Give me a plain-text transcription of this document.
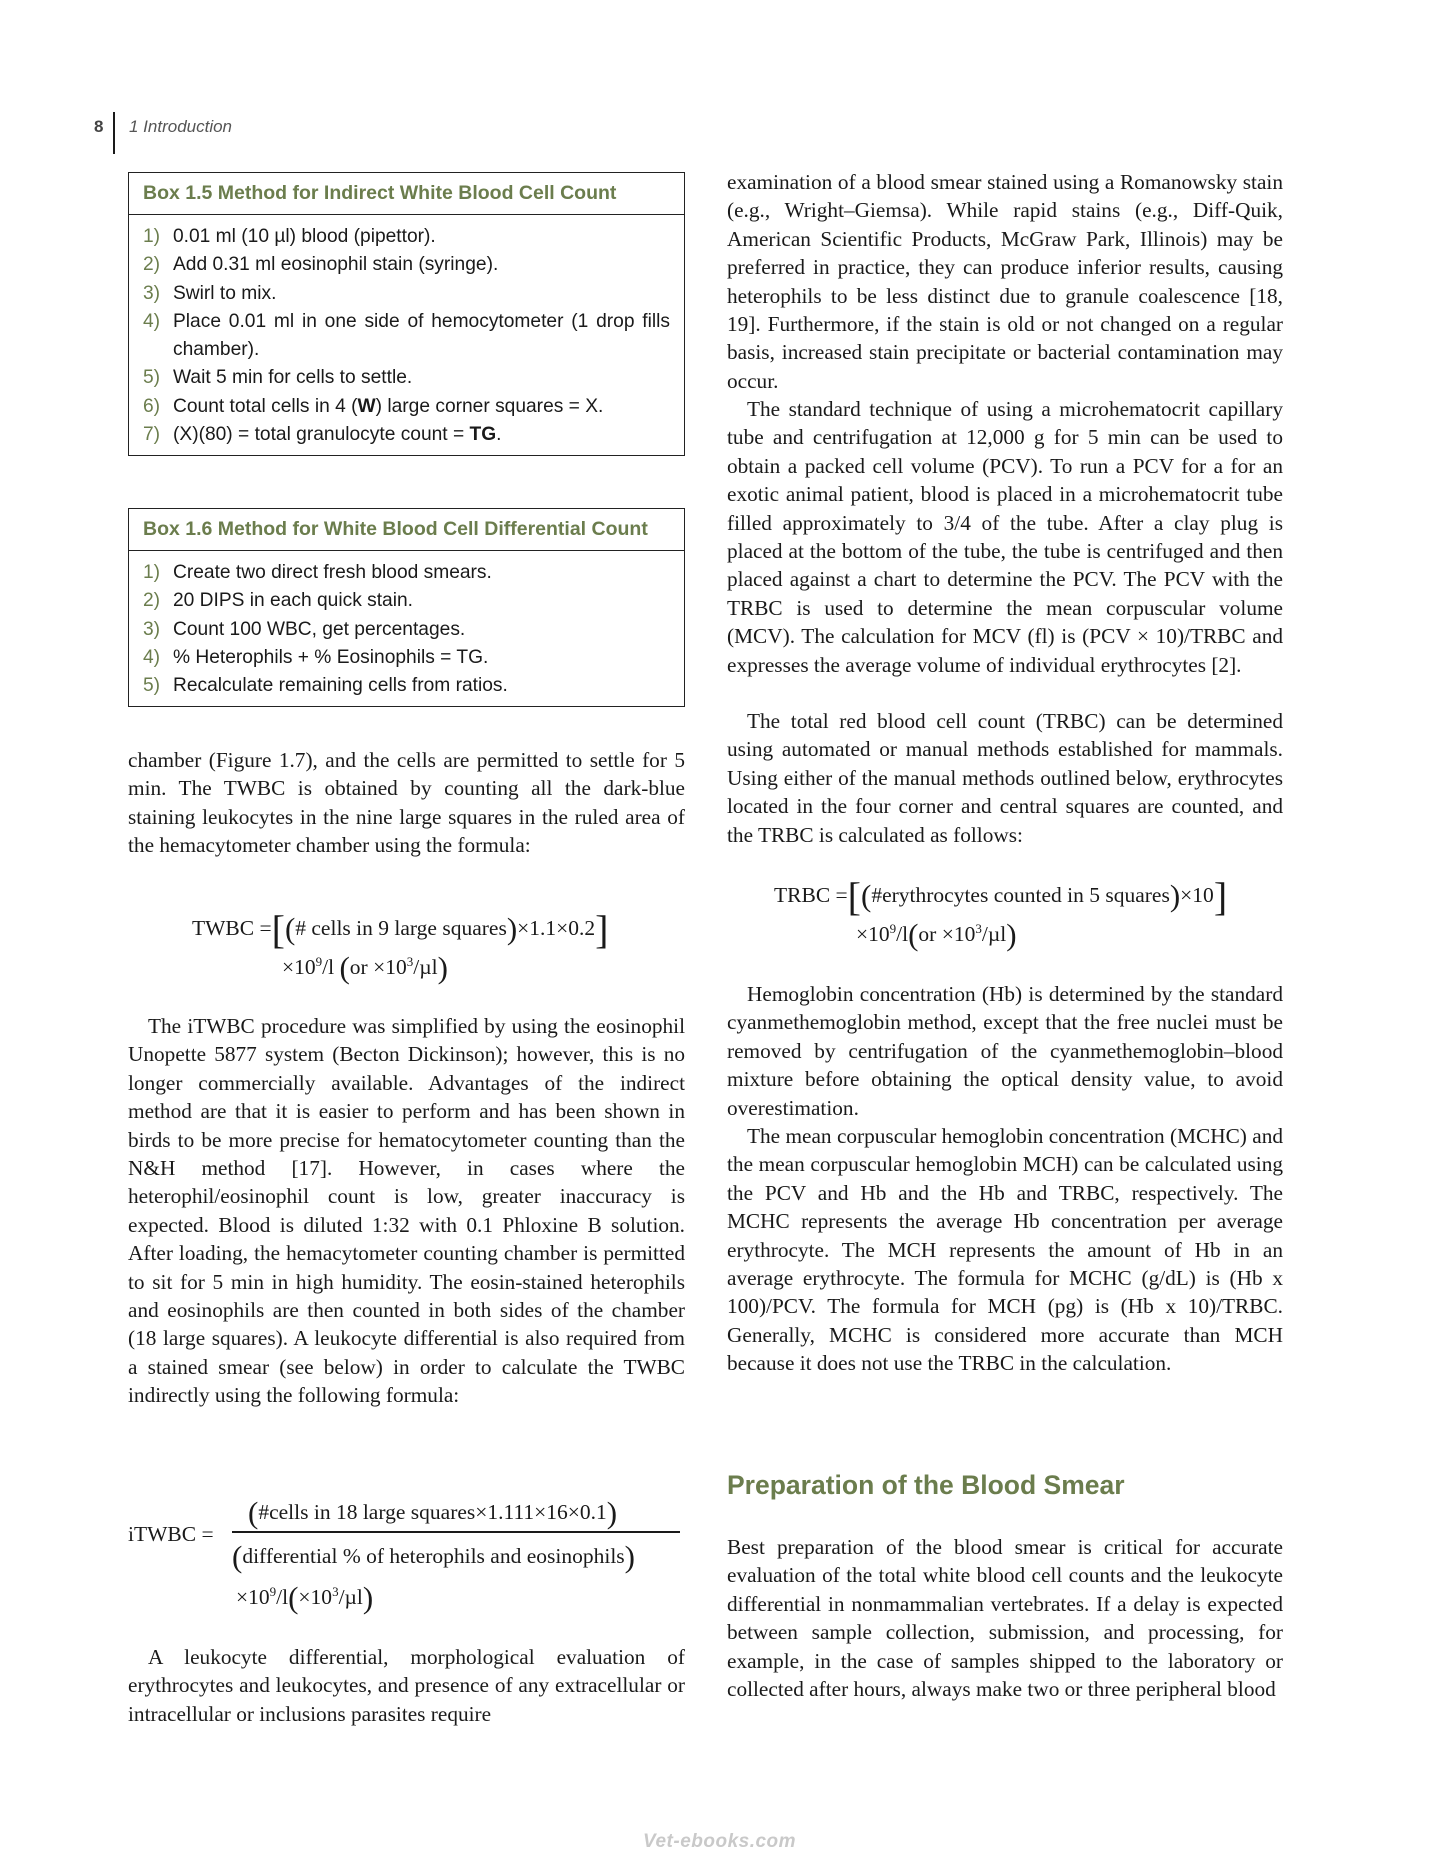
8 1 Introduction
Box 1.5 Method for Indirect White Blood Cell Count
1) 0.01 ml (10 µl) blood (pipettor).
2) Add 0.31 ml eosinophil stain (syringe).
3) Swirl to mix.
4) Place 0.01 ml in one side of hemocytometer (1 drop fills chamber).
5) Wait 5 min for cells to settle.
6) Count total cells in 4 (W) large corner squares = X.
7) (X)(80) = total granulocyte count = TG.
Box 1.6 Method for White Blood Cell Differential Count
1) Create two direct fresh blood smears.
2) 20 DIPS in each quick stain.
3) Count 100 WBC, get percentages.
4) % Heterophils + % Eosinophils = TG.
5) Recalculate remaining cells from ratios.

chamber (Figure 1.7), and the cells are permitted to settle for 5 min. The TWBC is obtained by counting all the dark-blue staining leukocytes in the nine large squares in the ruled area of the hemacytometer chamber using the formula:

TWBC =[(# cells in 9 large squares)×1.1×0.2]
$\times 10^9/l$ $(or \times 10^3/\mu l)$

The iTWBC procedure was simplified by using the eosinophil Unopette 5877 system (Becton Dickinson); however, this is no longer commercially available. Advantages of the indirect method are that it is easier to perform and has been shown in birds to be more precise for hematocytometer counting than the N&H method [17]. However, in cases where the heterophil/eosinophil count is low, greater inaccuracy is expected. Blood is diluted 1:32 with 0.1 Phloxine B solution. After loading, the hemacytometer counting chamber is permitted to sit for 5 min in high humidity. The eosin-stained heterophils and eosinophils are then counted in both sides of the chamber (18 large squares). A leukocyte differential is also required from a stained smear (see below) in order to calculate the TWBC indirectly using the following formula:

iTWBC =
(#cells in 18 large squares×1.111×16×0.1)
(differential % of heterophils and eosinophils)
$\times 10^9/l(\times 10^3/\mu l)$

A leukocyte differential, morphological evaluation of erythrocytes and leukocytes, and presence of any extracellular or intracellular or inclusions parasites require

examination of a blood smear stained using a Romanowsky stain (e.g., Wright–Giemsa). While rapid stains (e.g., Diff-Quik, American Scientific Products, McGraw Park, Illinois) may be preferred in practice, they can produce inferior results, causing heterophils to be less distinct due to granule coalescence [18, 19]. Furthermore, if the stain is old or not changed on a regular basis, increased stain precipitate or bacterial contamination may occur.

The standard technique of using a microhematocrit capillary tube and centrifugation at 12,000 g for 5 min can be used to obtain a packed cell volume (PCV). To run a PCV for a for an exotic animal patient, blood is placed in a microhematocrit tube filled approximately to 3/4 of the tube. After a clay plug is placed at the bottom of the tube, the tube is centrifuged and then placed against a chart to determine the PCV. The PCV with the TRBC is used to determine the mean corpuscular volume (MCV). The calculation for MCV (fl) is (PCV × 10)/TRBC and expresses the average volume of individual erythrocytes [2].

The total red blood cell count (TRBC) can be determined using automated or manual methods established for mammals. Using either of the manual methods outlined below, erythrocytes located in the four corner and central squares are counted, and the TRBC is calculated as follows:

TRBC =[(#erythrocytes counted in 5 squares)×10]
$\times 10^9/l(or \times 10^3/\mu l)$

Hemoglobin concentration (Hb) is determined by the standard cyanmethemoglobin method, except that the free nuclei must be removed by centrifugation of the cyanmethemoglobin–blood mixture before obtaining the optical density value, to avoid overestimation.

The mean corpuscular hemoglobin concentration (MCHC) and the mean corpuscular hemoglobin MCH) can be calculated using the PCV and Hb and the Hb and TRBC, respectively. The MCHC represents the average Hb concentration per average erythrocyte. The MCH represents the amount of Hb in an average erythrocyte. The formula for MCHC (g/dL) is (Hb x 100)/PCV. The formula for MCH (pg) is (Hb x 10)/TRBC. Generally, MCHC is considered more accurate than MCH because it does not use the TRBC in the calculation.

Preparation of the Blood Smear

Best preparation of the blood smear is critical for accurate evaluation of the total white blood cell counts and the leukocyte differential in nonmammalian vertebrates. If a delay is expected between sample collection, submission, and processing, for example, in the case of samples shipped to the laboratory or collected after hours, always make two or three peripheral blood

Vet-ebooks.com
